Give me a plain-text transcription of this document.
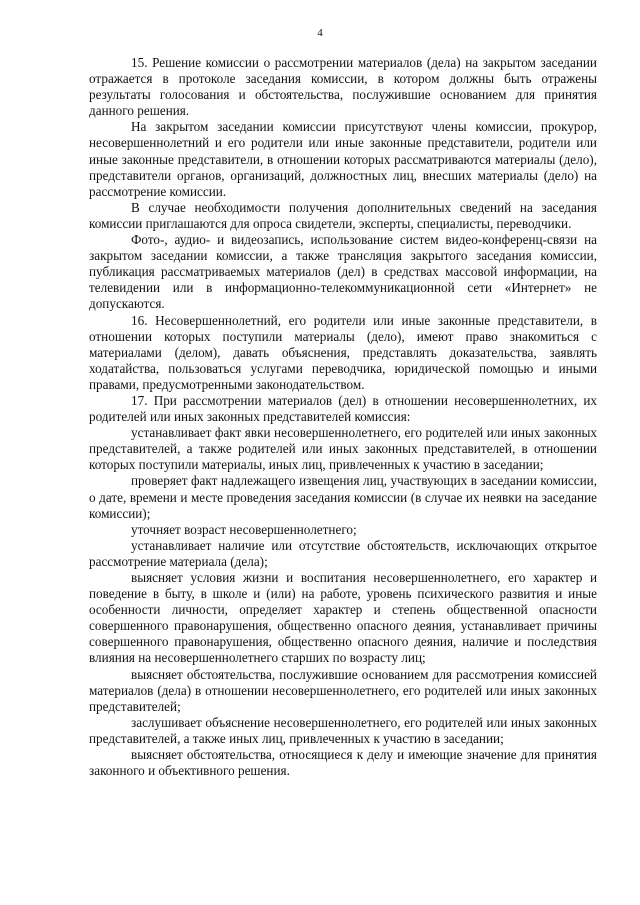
4

15. Решение комиссии о рассмотрении материалов (дела) на закрытом заседании отражается в протоколе заседания комиссии, в котором должны быть отражены результаты голосования и обстоятельства, послужившие основанием для принятия данного решения.

На закрытом заседании комиссии присутствуют члены комиссии, прокурор, несовершеннолетний и его родители или иные законные представители, родители или иные законные представители, в отношении которых рассматриваются материалы (дело), представители органов, организаций, должностных лиц, внесших материалы (дело) на рассмотрение комиссии.

В случае необходимости получения дополнительных сведений на заседания комиссии приглашаются для опроса свидетели, эксперты, специалисты, переводчики.

Фото-, аудио- и видеозапись, использование систем видео-конференц-связи на закрытом заседании комиссии, а также трансляция закрытого заседания комиссии, публикация рассматриваемых материалов (дел) в средствах массовой информации, на телевидении или в информационно-телекоммуникационной сети «Интернет» не допускаются.

16. Несовершеннолетний, его родители или иные законные представители, в отношении которых поступили материалы (дело), имеют право знакомиться с материалами (делом), давать объяснения, представлять доказательства, заявлять ходатайства, пользоваться услугами переводчика, юридической помощью и иными правами, предусмотренными законодательством.

17. При рассмотрении материалов (дел) в отношении несовершеннолетних, их родителей или иных законных представителей комиссия:

устанавливает факт явки несовершеннолетнего, его родителей или иных законных представителей, а также родителей или иных законных представителей, в отношении которых поступили материалы, иных лиц, привлеченных к участию в заседании;

проверяет факт надлежащего извещения лиц, участвующих в заседании комиссии, о дате, времени и месте проведения заседания комиссии (в случае их неявки на заседание комиссии);

уточняет возраст несовершеннолетнего;

устанавливает наличие или отсутствие обстоятельств, исключающих открытое рассмотрение материала (дела);

выясняет условия жизни и воспитания несовершеннолетнего, его характер и поведение в быту, в школе и (или) на работе, уровень психического развития и иные особенности личности, определяет характер и степень общественной опасности совершенного правонарушения, общественно опасного деяния, устанавливает причины совершенного правонарушения, общественно опасного деяния, наличие и последствия влияния на несовершеннолетнего старших по возрасту лиц;

выясняет обстоятельства, послужившие основанием для рассмотрения комиссией материалов (дела) в отношении несовершеннолетнего, его родителей или иных законных представителей;

заслушивает объяснение несовершеннолетнего, его родителей или иных законных представителей, а также иных лиц, привлеченных к участию в заседании;

выясняет обстоятельства, относящиеся к делу и имеющие значение для принятия законного и объективного решения.
